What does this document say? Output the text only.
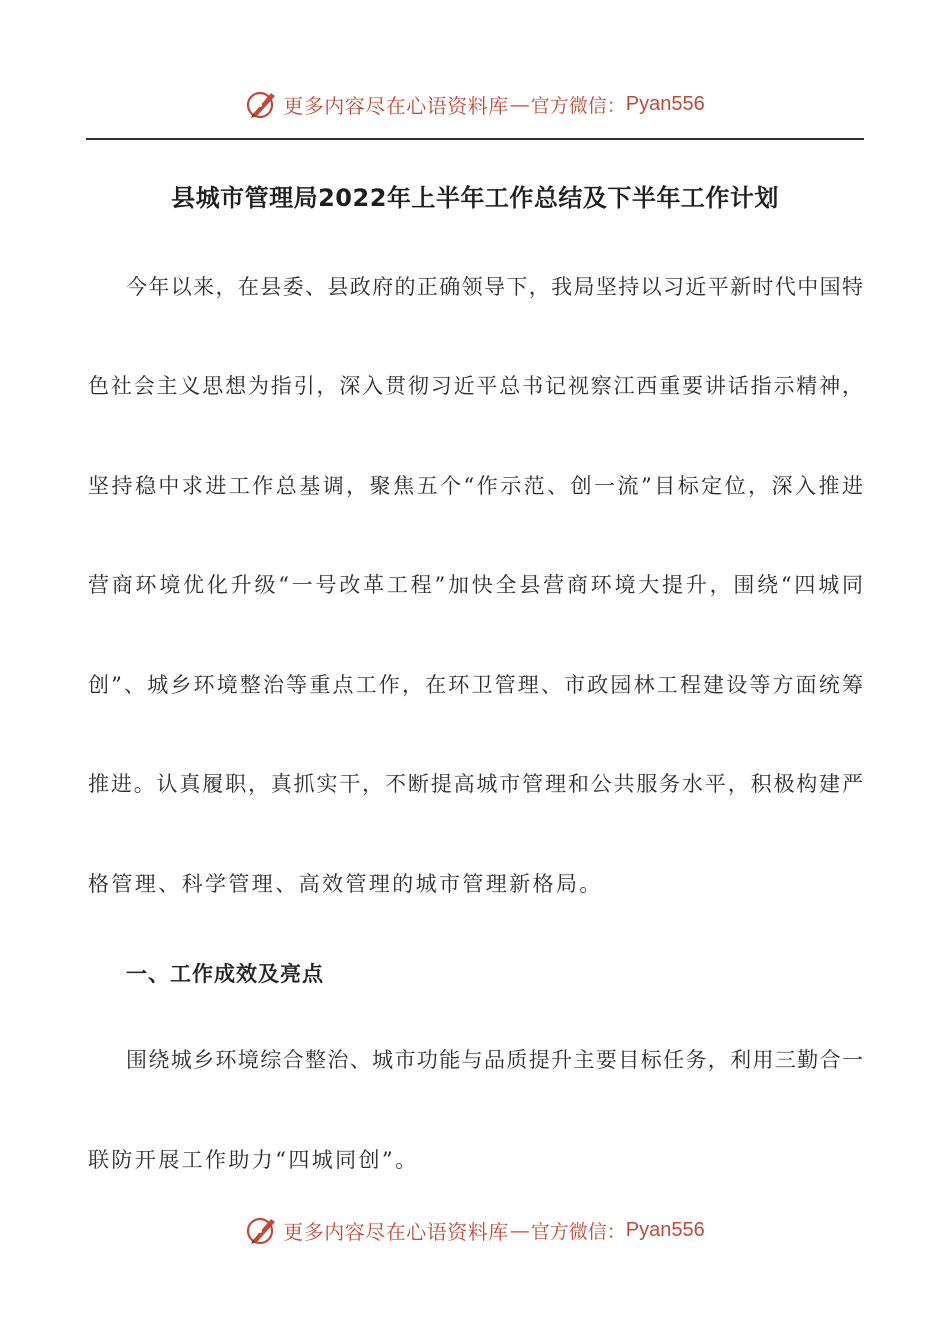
更多内容尽在心语资料库 — 官方微信： Pyan556
县城市管理局2022年上半年工作总结及下半年工作计划
今年以来，在县委、县政府的正确领导下，我局坚持以习近平新时代中国特
色社会主义思想为指引，深入贯彻习近平总书记视察江西重要讲话指示精神，
坚持稳中求进工作总基调，聚焦五个“作示范、创一流”目标定位，深入推进
营商环境优化升级“一号改革工程”加快全县营商环境大提升，围绕“四城同
创”、城乡环境整治等重点工作，在环卫管理、市政园林工程建设等方面统筹
推进。认真履职，真抓实干，不断提高城市管理和公共服务水平，积极构建严
格管理、科学管理、高效管理的城市管理新格局。
一、工作成效及亮点
围绕城乡环境综合整治、城市功能与品质提升主要目标任务，利用三勤合一
联防开展工作助力“四城同创”。
更多内容尽在心语资料库 — 官方微信： Pyan556
